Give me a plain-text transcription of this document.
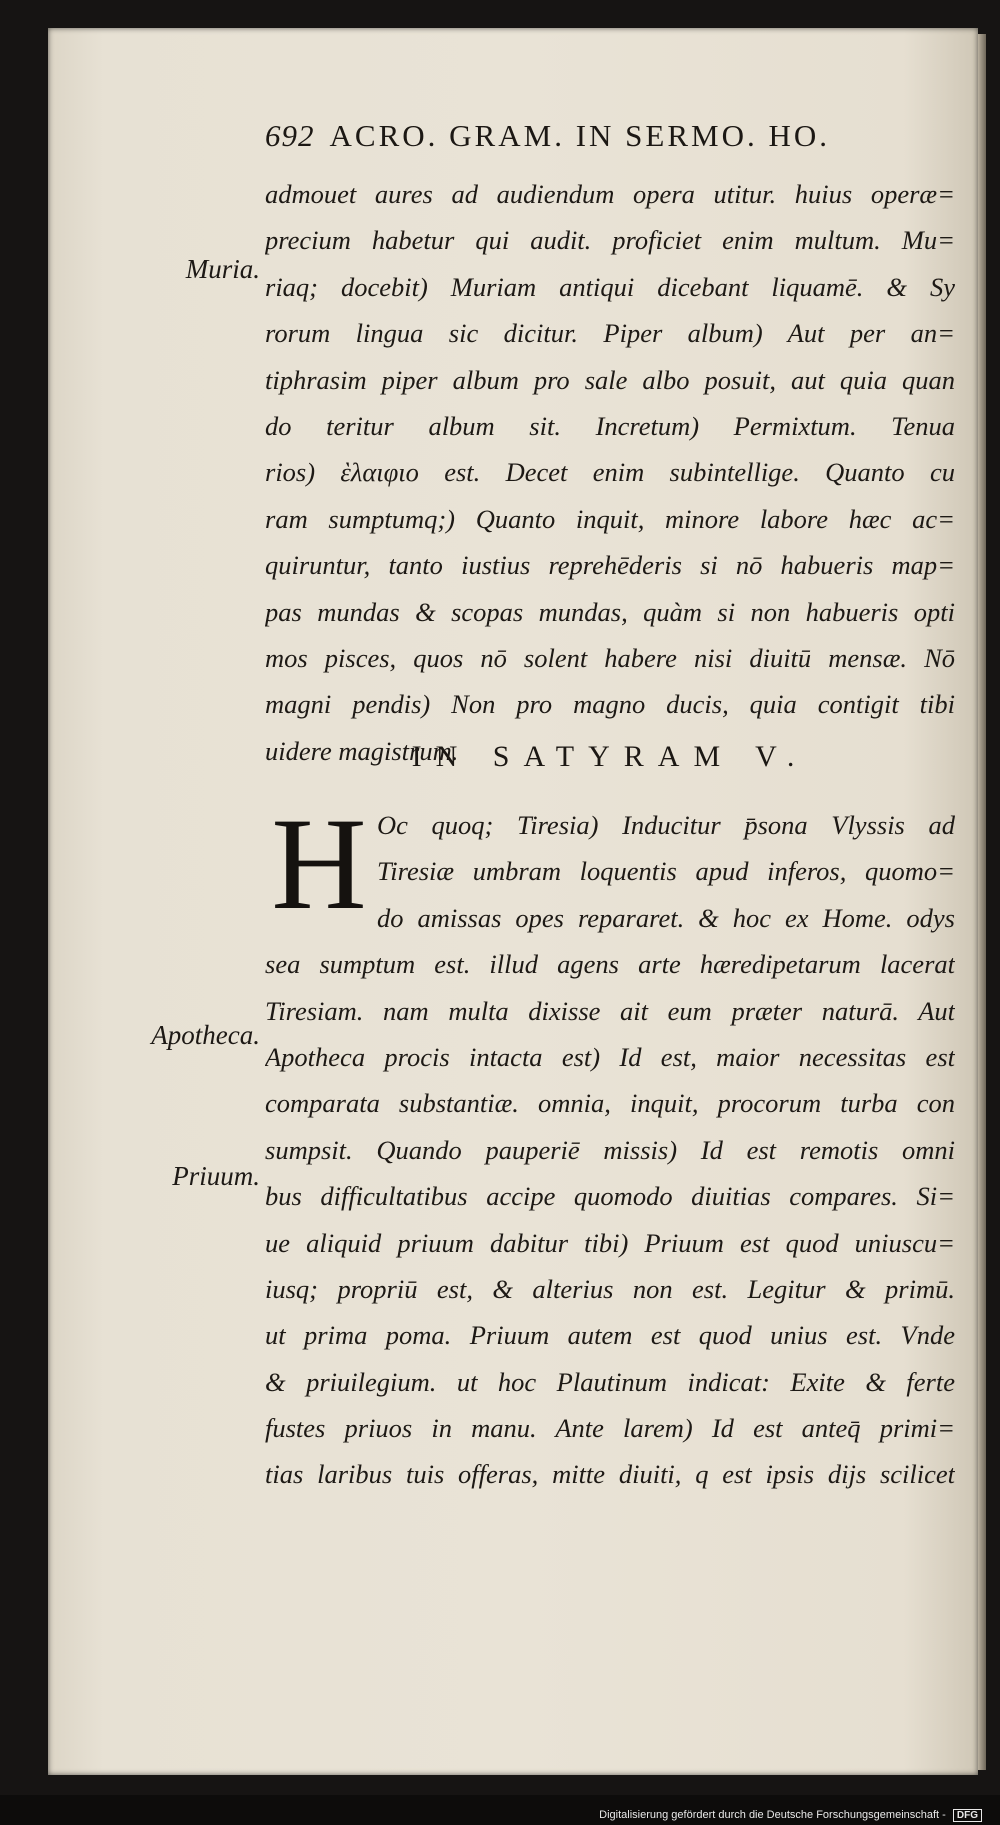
692 ACRO. GRAM. IN SERMO. HO.
admouet aures ad audiendum opera utitur. huius operæ=
precium habetur qui audit. proficiet enim multum. Mu=
riaq; docebit) Muriam antiqui dicebant liquamē. & Sy
rorum lingua sic dicitur. Piper album) Aut per an=
tiphrasim piper album pro sale albo posuit, aut quia quan
do teritur album sit. Incretum) Permixtum. Tenua
rios) ὲλαιφιο est. Decet enim subintellige. Quanto cu
ram sumptumq;) Quanto inquit, minore labore hæc ac=
quiruntur, tanto iustius reprehēderis si nō habueris map=
pas mundas & scopas mundas, quàm si non habueris opti
mos pisces, quos nō solent habere nisi diuitū mensæ. Nō
magni pendis) Non pro magno ducis, quia contigit tibi
uidere magistrum.
IN SATYRAM V.
H Oc quoq; Tiresia) Inducitur p̄sona Vlyssis ad
Tiresiæ umbram loquentis apud inferos, quomo=
do amissas opes repararet. & hoc ex Home. odys
sea sumptum est. illud agens arte hæredipetarum lacerat
Tiresiam. nam multa dixisse ait eum præter naturā. Aut
Apotheca procis intacta est) Id est, maior necessitas est
comparata substantiæ. omnia, inquit, procorum turba con
sumpsit. Quando pauperiē missis) Id est remotis omni
bus difficultatibus accipe quomodo diuitias compares. Si=
ue aliquid priuum dabitur tibi) Priuum est quod uniuscu=
iusq; propriū est, & alterius non est. Legitur & primū.
ut prima poma. Priuum autem est quod unius est. Vnde
& priuilegium. ut hoc Plautinum indicat: Exite & ferte
fustes priuos in manu. Ante larem) Id est anteq̄ primi=
tias laribus tuis offeras, mitte diuiti, q est ipsis dijs scilicet
Muria.
Apotheca.
Priuum.
Digitalisierung gefördert durch die Deutsche Forschungsgemeinschaft - DFG
